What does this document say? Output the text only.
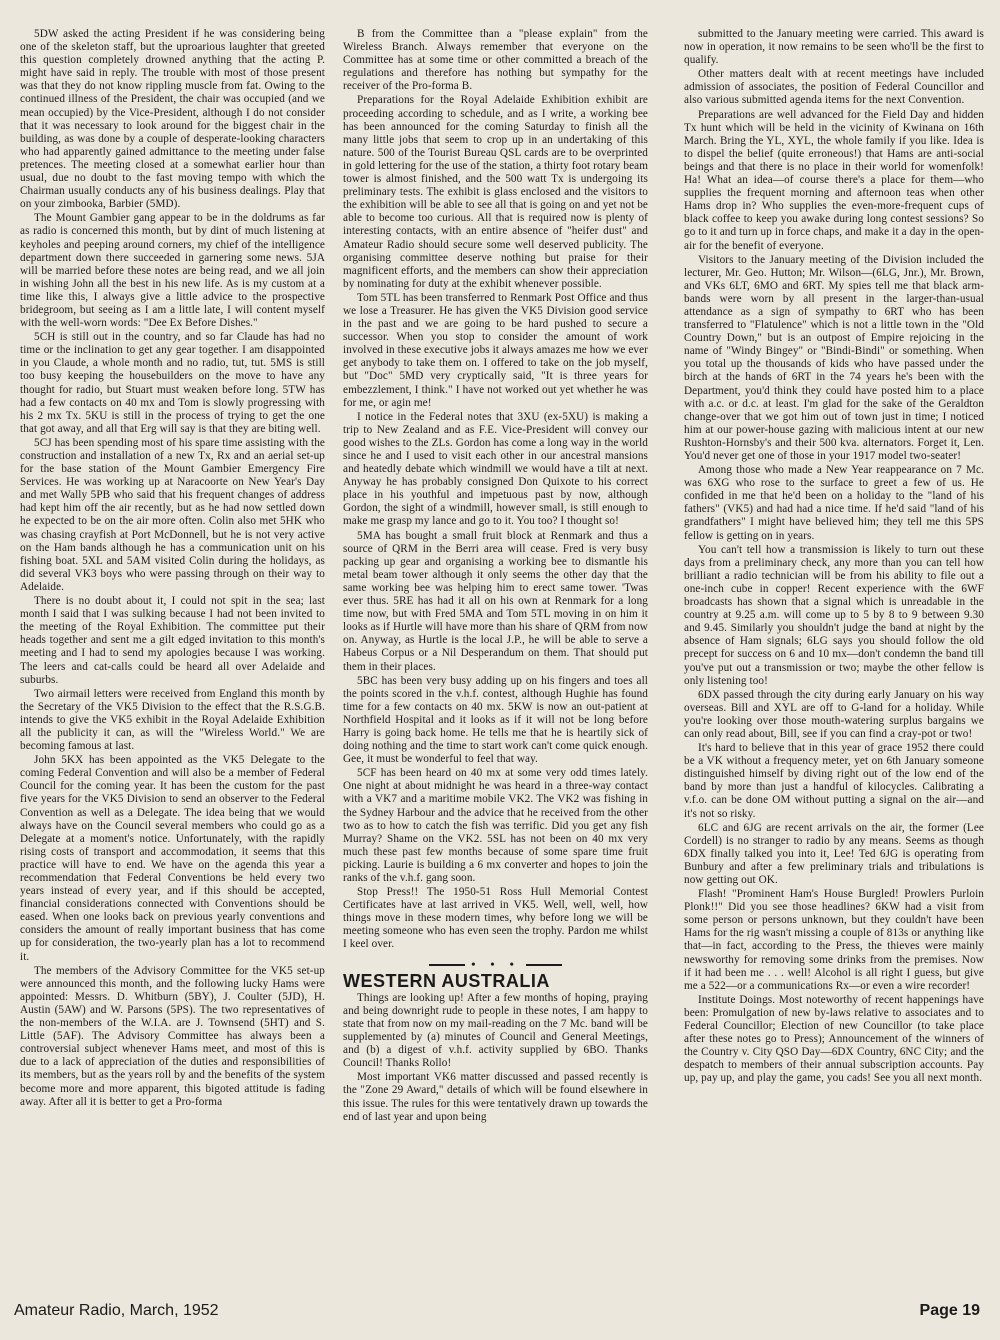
5DW asked the acting President if he was considering being one of the skeleton staff, but the uproarious laughter that greeted this question completely drowned anything that the acting P. might have said in reply. The trouble with most of those present was that they do not know rippling muscle from fat. Owing to the continued illness of the President, the chair was occupied (and we mean occupied) by the Vice-President, although I do not consider that it was necessary to look around for the biggest chair in the building, as was done by a couple of desperate-looking characters who had apparently gained admittance to the meeting under false pretences. The meeting closed at a somewhat earlier hour than usual, due no doubt to the fast moving tempo with which the Chairman usually conducts any of his business dealings. Play that on your zimbooka, Barbier (5MD).

The Mount Gambier gang appear to be in the doldrums as far as radio is concerned this month, but by dint of much listening at keyholes and peeping around corners, my chief of the intelligence department down there succeeded in garnering some news. 5JA will be married before these notes are being read, and we all join in wishing John all the best in his new life. As is my custom at a time like this, I always give a little advice to the prospective bridegroom, but seeing as I am a little late, I will content myself with the well-worn words: "Dee Ex Before Dishes."

5CH is still out in the country, and so far Claude has had no time or the inclination to get any gear together. I am disappointed in you Claude, a whole month and no radio, tut, tut. 5MS is still too busy keeping the housebuilders on the move to have any thought for radio, but Stuart must weaken before long. 5TW has had a few contacts on 40 mx and Tom is slowly progressing with his 2 mx Tx. 5KU is still in the process of trying to get the one that got away, and all that Erg will say is that they are biting well.

5CJ has been spending most of his spare time assisting with the construction and installation of a new Tx, Rx and an aerial set-up for the base station of the Mount Gambier Emergency Fire Services. He was working up at Naracoorte on New Year's Day and met Wally 5PB who said that his frequent changes of address had kept him off the air recently, but as he had now settled down he expected to be on the air more often. Colin also met 5HK who was chasing crayfish at Port McDonnell, but he is not very active on the Ham bands although he has a communication unit on his fishing boat. 5XL and 5AM visited Colin during the holidays, as did several VK3 boys who were passing through on their way to Adelaide.

There is no doubt about it, I could not spit in the sea; last month I said that I was sulking because I had not been invited to the meeting of the Royal Exhibition. The committee put their heads together and sent me a gilt edged invitation to this month's meeting and I had to send my apologies because I was working. The leers and cat-calls could be heard all over Adelaide and suburbs.

Two airmail letters were received from England this month by the Secretary of the VK5 Division to the effect that the R.S.G.B. intends to give the VK5 exhibit in the Royal Adelaide Exhibition all the publicity it can, as will the "Wireless World." We are becoming famous at last.

John 5KX has been appointed as the VK5 Delegate to the coming Federal Convention and will also be a member of Federal Council for the coming year. It has been the custom for the past five years for the VK5 Division to send an observer to the Federal Convention as well as a Delegate. The idea being that we would always have on the Council several members who could go as a Delegate at a moment's notice. Unfortunately, with the rapidly rising costs of transport and accommodation, it seems that this practice will have to end. We have on the agenda this year a recommendation that Federal Conventions be held every two years instead of every year, and if this should be accepted, financial considerations connected with Conventions should be eased. When one looks back on previous yearly conventions and considers the amount of really important business that has come up for consideration, the two-yearly plan has a lot to recommend it.

The members of the Advisory Committee for the VK5 set-up were announced this month, and the following lucky Hams were appointed: Messrs. D. Whitburn (5BY), J. Coulter (5JD), H. Austin (5AW) and W. Parsons (5PS). The two representatives of the non-members of the W.I.A. are J. Townsend (5HT) and S. Little (5AF). The Advisory Committee has always been a controversial subject whenever Hams meet, and most of this is due to a lack of appreciation of the duties and responsibilities of its members, but as the years roll by and the benefits of the system become more and more apparent, this bigoted attitude is fading away. After all it is better to get a Pro-forma

B from the Committee than a "please explain" from the Wireless Branch. Always remember that everyone on the Committee has at some time or other committed a breach of the regulations and therefore has nothing but sympathy for the receiver of the Pro-forma B.

Preparations for the Royal Adelaide Exhibition exhibit are proceeding according to schedule, and as I write, a working bee has been announced for the coming Saturday to finish all the many little jobs that seem to crop up in an undertaking of this nature. 500 of the Tourist Bureau QSL cards are to be overprinted in gold lettering for the use of the station, a thirty foot rotary beam tower is almost finished, and the 500 watt Tx is undergoing its preliminary tests. The exhibit is glass enclosed and the visitors to the exhibition will be able to see all that is going on and yet not be able to become too curious. All that is required now is plenty of interesting contacts, with an entire absence of "heifer dust" and Amateur Radio should secure some well deserved publicity. The organising committee deserve nothing but praise for their magnificent efforts, and the members can show their appreciation by nominating for duty at the exhibit whenever possible.

Tom 5TL has been transferred to Renmark Post Office and thus we lose a Treasurer. He has given the VK5 Division good service in the past and we are going to be hard pushed to secure a successor. When you stop to consider the amount of work involved in these executive jobs it always amazes me how we ever get anybody to take them on. I offered to take on the job myself, but "Doc" 5MD very cryptically said, "It is three years for embezzlement, I think." I have not worked out yet whether he was for me, or agin me!

I notice in the Federal notes that 3XU (ex-5XU) is making a trip to New Zealand and as F.E. Vice-President will convey our good wishes to the ZLs. Gordon has come a long way in the world since he and I used to visit each other in our ancestral mansions and heatedly debate which windmill we would have a tilt at next. Anyway he has probably consigned Don Quixote to his correct place in his youthful and impetuous past by now, although Gordon, the sight of a windmill, however small, is still enough to make me grasp my lance and go to it. You too? I thought so!

5MA has bought a small fruit block at Renmark and thus a source of QRM in the Berri area will cease. Fred is very busy packing up gear and organising a working bee to dismantle his metal beam tower although it only seems the other day that the same working bee was helping him to erect same tower. 'Twas ever thus. 5RE has had it all on his own at Renmark for a long time now, but with Fred 5MA and Tom 5TL moving in on him it looks as if Hurtle will have more than his share of QRM from now on. Anyway, as Hurtle is the local J.P., he will be able to serve a Habeus Corpus or a Nil Desperandum on them. That should put them in their places.

5BC has been very busy adding up on his fingers and toes all the points scored in the v.h.f. contest, although Hughie has found time for a few contacts on 40 mx. 5KW is now an out-patient at Northfield Hospital and it looks as if it will not be long before Harry is going back home. He tells me that he is heartily sick of doing nothing and the time to start work can't come quick enough. Gee, it must be wonderful to feel that way.

5CF has been heard on 40 mx at some very odd times lately. One night at about midnight he was heard in a three-way contact with a VK7 and a maritime mobile VK2. The VK2 was fishing in the Sydney Harbour and the advice that he received from the other two as to how to catch the fish was terrific. Did you get any fish Murray? Shame on the VK2. 5SL has not been on 40 mx very much these past few months because of some spare time fruit picking. Laurie is building a 6 mx converter and hopes to join the ranks of the v.h.f. gang soon.

Stop Press!! The 1950-51 Ross Hull Memorial Contest Certificates have at last arrived in VK5. Well, well, well, how things move in these modern times, why before long we will be meeting someone who has even seen the trophy. Pardon me whilst I keel over.

• • •
WESTERN AUSTRALIA

Things are looking up! After a few months of hoping, praying and being downright rude to people in these notes, I am happy to state that from now on my mail-reading on the 7 Mc. band will be supplemented by (a) minutes of Council and General Meetings, and (b) a digest of v.h.f. activity supplied by 6BO. Thanks Council! Thanks Rollo!

Most important VK6 matter discussed and passed recently is the "Zone 29 Award," details of which will be found elsewhere in this issue. The rules for this were tentatively drawn up towards the end of last year and upon being

submitted to the January meeting were carried. This award is now in operation, it now remains to be seen who'll be the first to qualify.

Other matters dealt with at recent meetings have included admission of associates, the position of Federal Councillor and also various submitted agenda items for the next Convention.

Preparations are well advanced for the Field Day and hidden Tx hunt which will be held in the vicinity of Kwinana on 16th March. Bring the YL, XYL, the whole family if you like. Idea is to dispel the belief (quite erroneous!) that Hams are anti-social beings and that there is no place in their world for womenfolk! Ha! What an idea—of course there's a place for them—who supplies the frequent morning and afternoon teas when other Hams drop in? Who supplies the even-more-frequent cups of black coffee to keep you awake during long contest sessions? So go to it and turn up in force chaps, and make it a day in the open-air for the benefit of everyone.

Visitors to the January meeting of the Division included the lecturer, Mr. Geo. Hutton; Mr. Wilson—(6LG, Jnr.), Mr. Brown, and VKs 6LT, 6MO and 6RT. My spies tell me that black arm-bands were worn by all present in the larger-than-usual attendance as a sign of sympathy to 6RT who has been transferred to "Flatulence" which is not a little town in the "Old Country Down," but is an outpost of Empire rejoicing in the name of "Windy Bingey" or "Bindi-Bindi" or something. When you total up the thousands of kids who have passed under the birch at the hands of 6RT in the 74 years he's been with the Department, you'd think they could have posted him to a place with a.c. or d.c. at least. I'm glad for the sake of the Geraldton change-over that we got him out of town just in time; I noticed him at our power-house gazing with malicious intent at our new Rushton-Hornsby's and their 500 kva. alternators. Forget it, Len. You'd never get one of those in your 1917 model two-seater!

Among those who made a New Year reappearance on 7 Mc. was 6XG who rose to the surface to greet a few of us. He confided in me that he'd been on a holiday to the "land of his fathers" (VK5) and had had a nice time. If he'd said "land of his grandfathers" I might have believed him; they tell me this 5PS fellow is getting on in years.

You can't tell how a transmission is likely to turn out these days from a preliminary check, any more than you can tell how brilliant a radio technician will be from his ability to file out a one-inch cube in copper! Recent experience with the 6WF broadcasts has shown that a signal which is unreadable in the country at 9.25 a.m. will come up to 5 by 8 to 9 between 9.30 and 9.45. Similarly you shouldn't judge the band at night by the absence of Ham signals; 6LG says you should follow the old precept for success on 6 and 10 mx—don't condemn the band till you've put out a transmission or two; maybe the other fellow is only listening too!

6DX passed through the city during early January on his way overseas. Bill and XYL are off to G-land for a holiday. While you're looking over those mouth-watering surplus bargains we can only read about, Bill, see if you can find a cray-pot or two!

It's hard to believe that in this year of grace 1952 there could be a VK without a frequency meter, yet on 6th January someone distinguished himself by diving right out of the low end of the band by more than just a handful of kilocycles. Calibrating a v.f.o. can be done OM without putting a signal on the air—and it's not so risky.

6LC and 6JG are recent arrivals on the air, the former (Lee Cordell) is no stranger to radio by any means. Seems as though 6DX finally talked you into it, Lee! Ted 6JG is operating from Bunbury and after a few preliminary trials and tribulations is now getting out OK.

Flash! "Prominent Ham's House Burgled! Prowlers Purloin Plonk!!" Did you see those headlines? 6KW had a visit from some person or persons unknown, but they couldn't have been Hams for the rig wasn't missing a couple of 813s or anything like that—in fact, according to the Press, the thieves were mainly newsworthy for removing some drinks from the premises. Now if it had been me . . . well! Alcohol is all right I guess, but give me a 522—or a communications Rx—or even a wire recorder!

Institute Doings. Most noteworthy of recent happenings have been: Promulgation of new by-laws relative to associates and to Federal Councillor; Election of new Councillor (to take place after these notes go to Press); Announcement of the winners of the Country v. City QSO Day—6DX Country, 6NC City; and the despatch to members of their annual subscription accounts. Pay up, pay up, and play the game, you cads! See you all next month.

Amateur Radio, March, 1952	Page 19
